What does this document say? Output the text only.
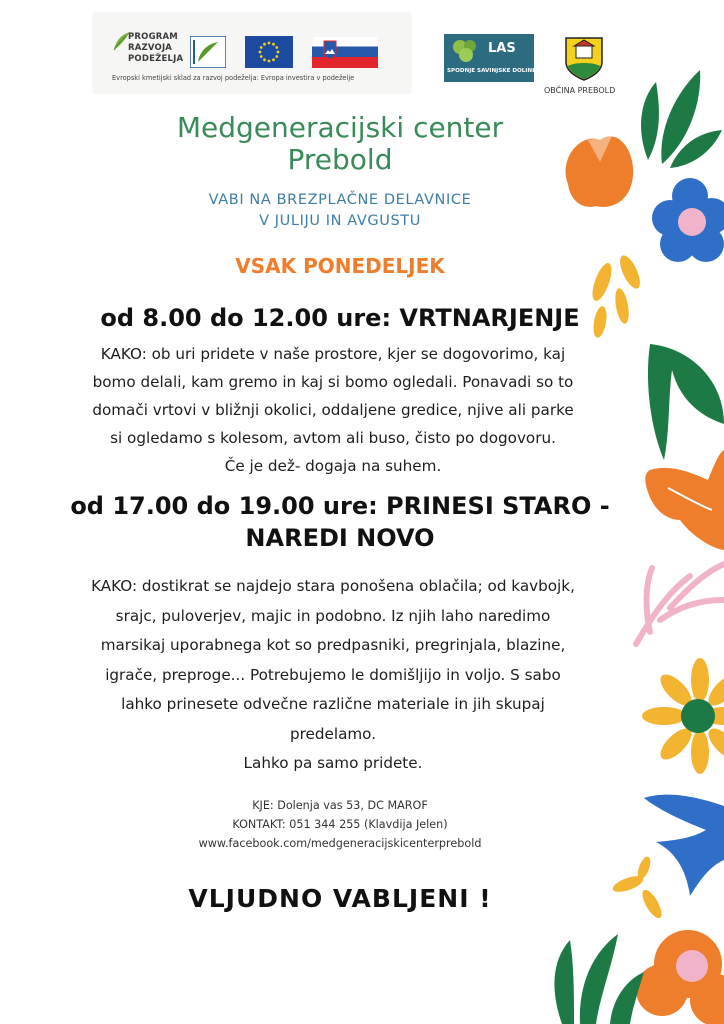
PROGRAM
RAZVOJA
PODEŽELJA
Evropski kmetijski sklad za razvoj podeželja: Evropa investira v podeželje
LAS
SPODNJE SAVINJSKE DOLINE
OBČINA PREBOLD
Medgeneracijski center
Prebold
VABI NA BREZPLAČNE DELAVNICE
V JULIJU IN AVGUSTU
VSAK PONEDELJEK
od 8.00 do 12.00 ure: VRTNARJENJE
KAKO: ob uri pridete v naše prostore, kjer se dogovorimo, kaj
bomo delali, kam gremo in kaj si bomo ogledali. Ponavadi so to
domači vrtovi v bližnji okolici, oddaljene gredice, njive ali parke
si ogledamo s kolesom, avtom ali buso, čisto po dogovoru.
Če je dež- dogaja na suhem.
od 17.00 do 19.00 ure: PRINESI STARO -
NAREDI NOVO
KAKO: dostikrat se najdejo stara ponošena oblačila; od kavbojk,
srajc, puloverjev, majic in podobno. Iz njih laho naredimo
marsikaj uporabnega kot so predpasniki, pregrinjala, blazine,
igrače, preproge... Potrebujemo le domišljijo in voljo. S sabo
lahko prinesete odvečne različne materiale in jih skupaj
predelamo.
Lahko pa samo pridete.
KJE: Dolenja vas 53, DC MAROF
KONTAKT: 051 344 255 (Klavdija Jelen)
www.facebook.com/medgeneracijskicenterprebold
VLJUDNO VABLJENI !
